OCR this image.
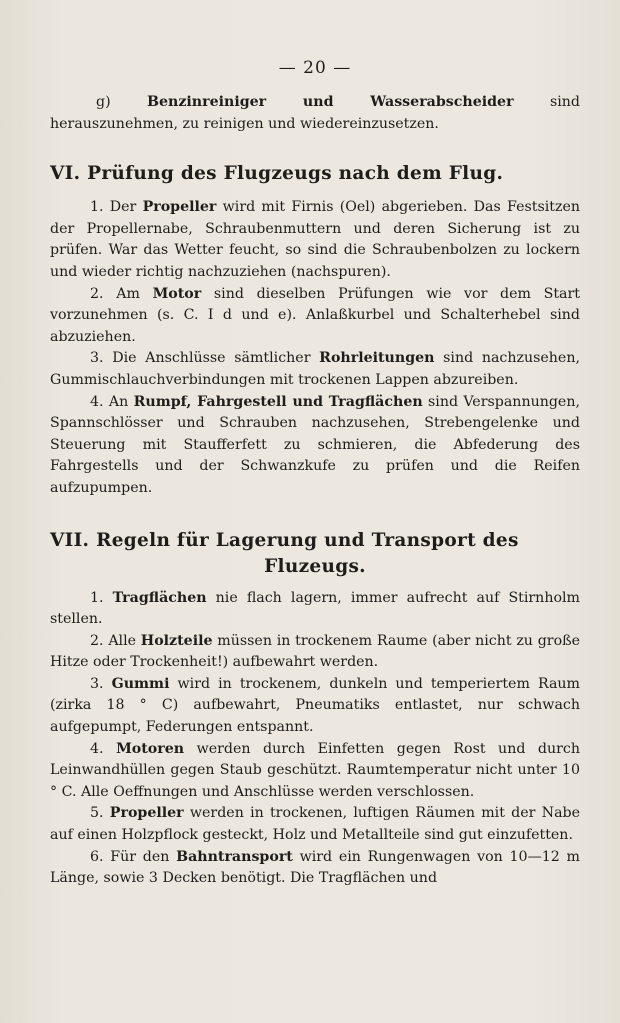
— 20 —

g)	Benzinreiniger und Wasserabscheider	sind herauszunehmen, zu reinigen und wiedereinzusetzen.

VI. Prüfung des Flugzeugs nach dem Flug.

1. Der Propeller wird mit Firnis (Oel) abgerieben. Das Festsitzen der Propellernabe, Schraubenmuttern und deren Sicherung ist zu prüfen. War das Wetter feucht, so sind die Schraubenbolzen zu lockern und wieder richtig nachzuziehen (nachspuren).

2. Am Motor sind dieselben Prüfungen wie vor dem Start vorzunehmen (s. C. I d und e). Anlaßkurbel und Schalterhebel sind abzuziehen.

3. Die Anschlüsse sämtlicher Rohrleitungen sind nachzusehen, Gummischlauchverbindungen mit trockenen Lappen abzureiben.

4. An Rumpf, Fahrgestell und Tragflächen sind Verspannungen, Spannschlösser und Schrauben nachzusehen, Strebengelenke und Steuerung mit Staufferfett zu schmieren, die Abfederung des Fahrgestells und der Schwanzkufe zu prüfen und die Reifen aufzupumpen.

VII. Regeln für Lagerung und Transport des
Fluzeugs.

1. Tragflächen nie flach lagern, immer aufrecht auf Stirnholm stellen.

2. Alle Holzteile müssen in trockenem Raume (aber nicht zu große Hitze oder Trockenheit!) aufbewahrt werden.

3. Gummi wird in trockenem, dunkeln und temperiertem Raum (zirka 18 ° C) aufbewahrt, Pneumatiks entlastet, nur schwach aufgepumpt, Federungen entspannt.

4. Motoren werden durch Einfetten gegen Rost und durch Leinwandhüllen gegen Staub geschützt. Raumtemperatur nicht unter 10 ° C. Alle Oeffnungen und Anschlüsse werden verschlossen.

5. Propeller werden in trockenen, luftigen Räumen mit der Nabe auf einen Holzpflock gesteckt, Holz und Metallteile sind gut einzufetten.

6. Für den Bahntransport wird ein Rungenwagen von 10—12 m Länge, sowie 3 Decken benötigt. Die Tragflächen und
